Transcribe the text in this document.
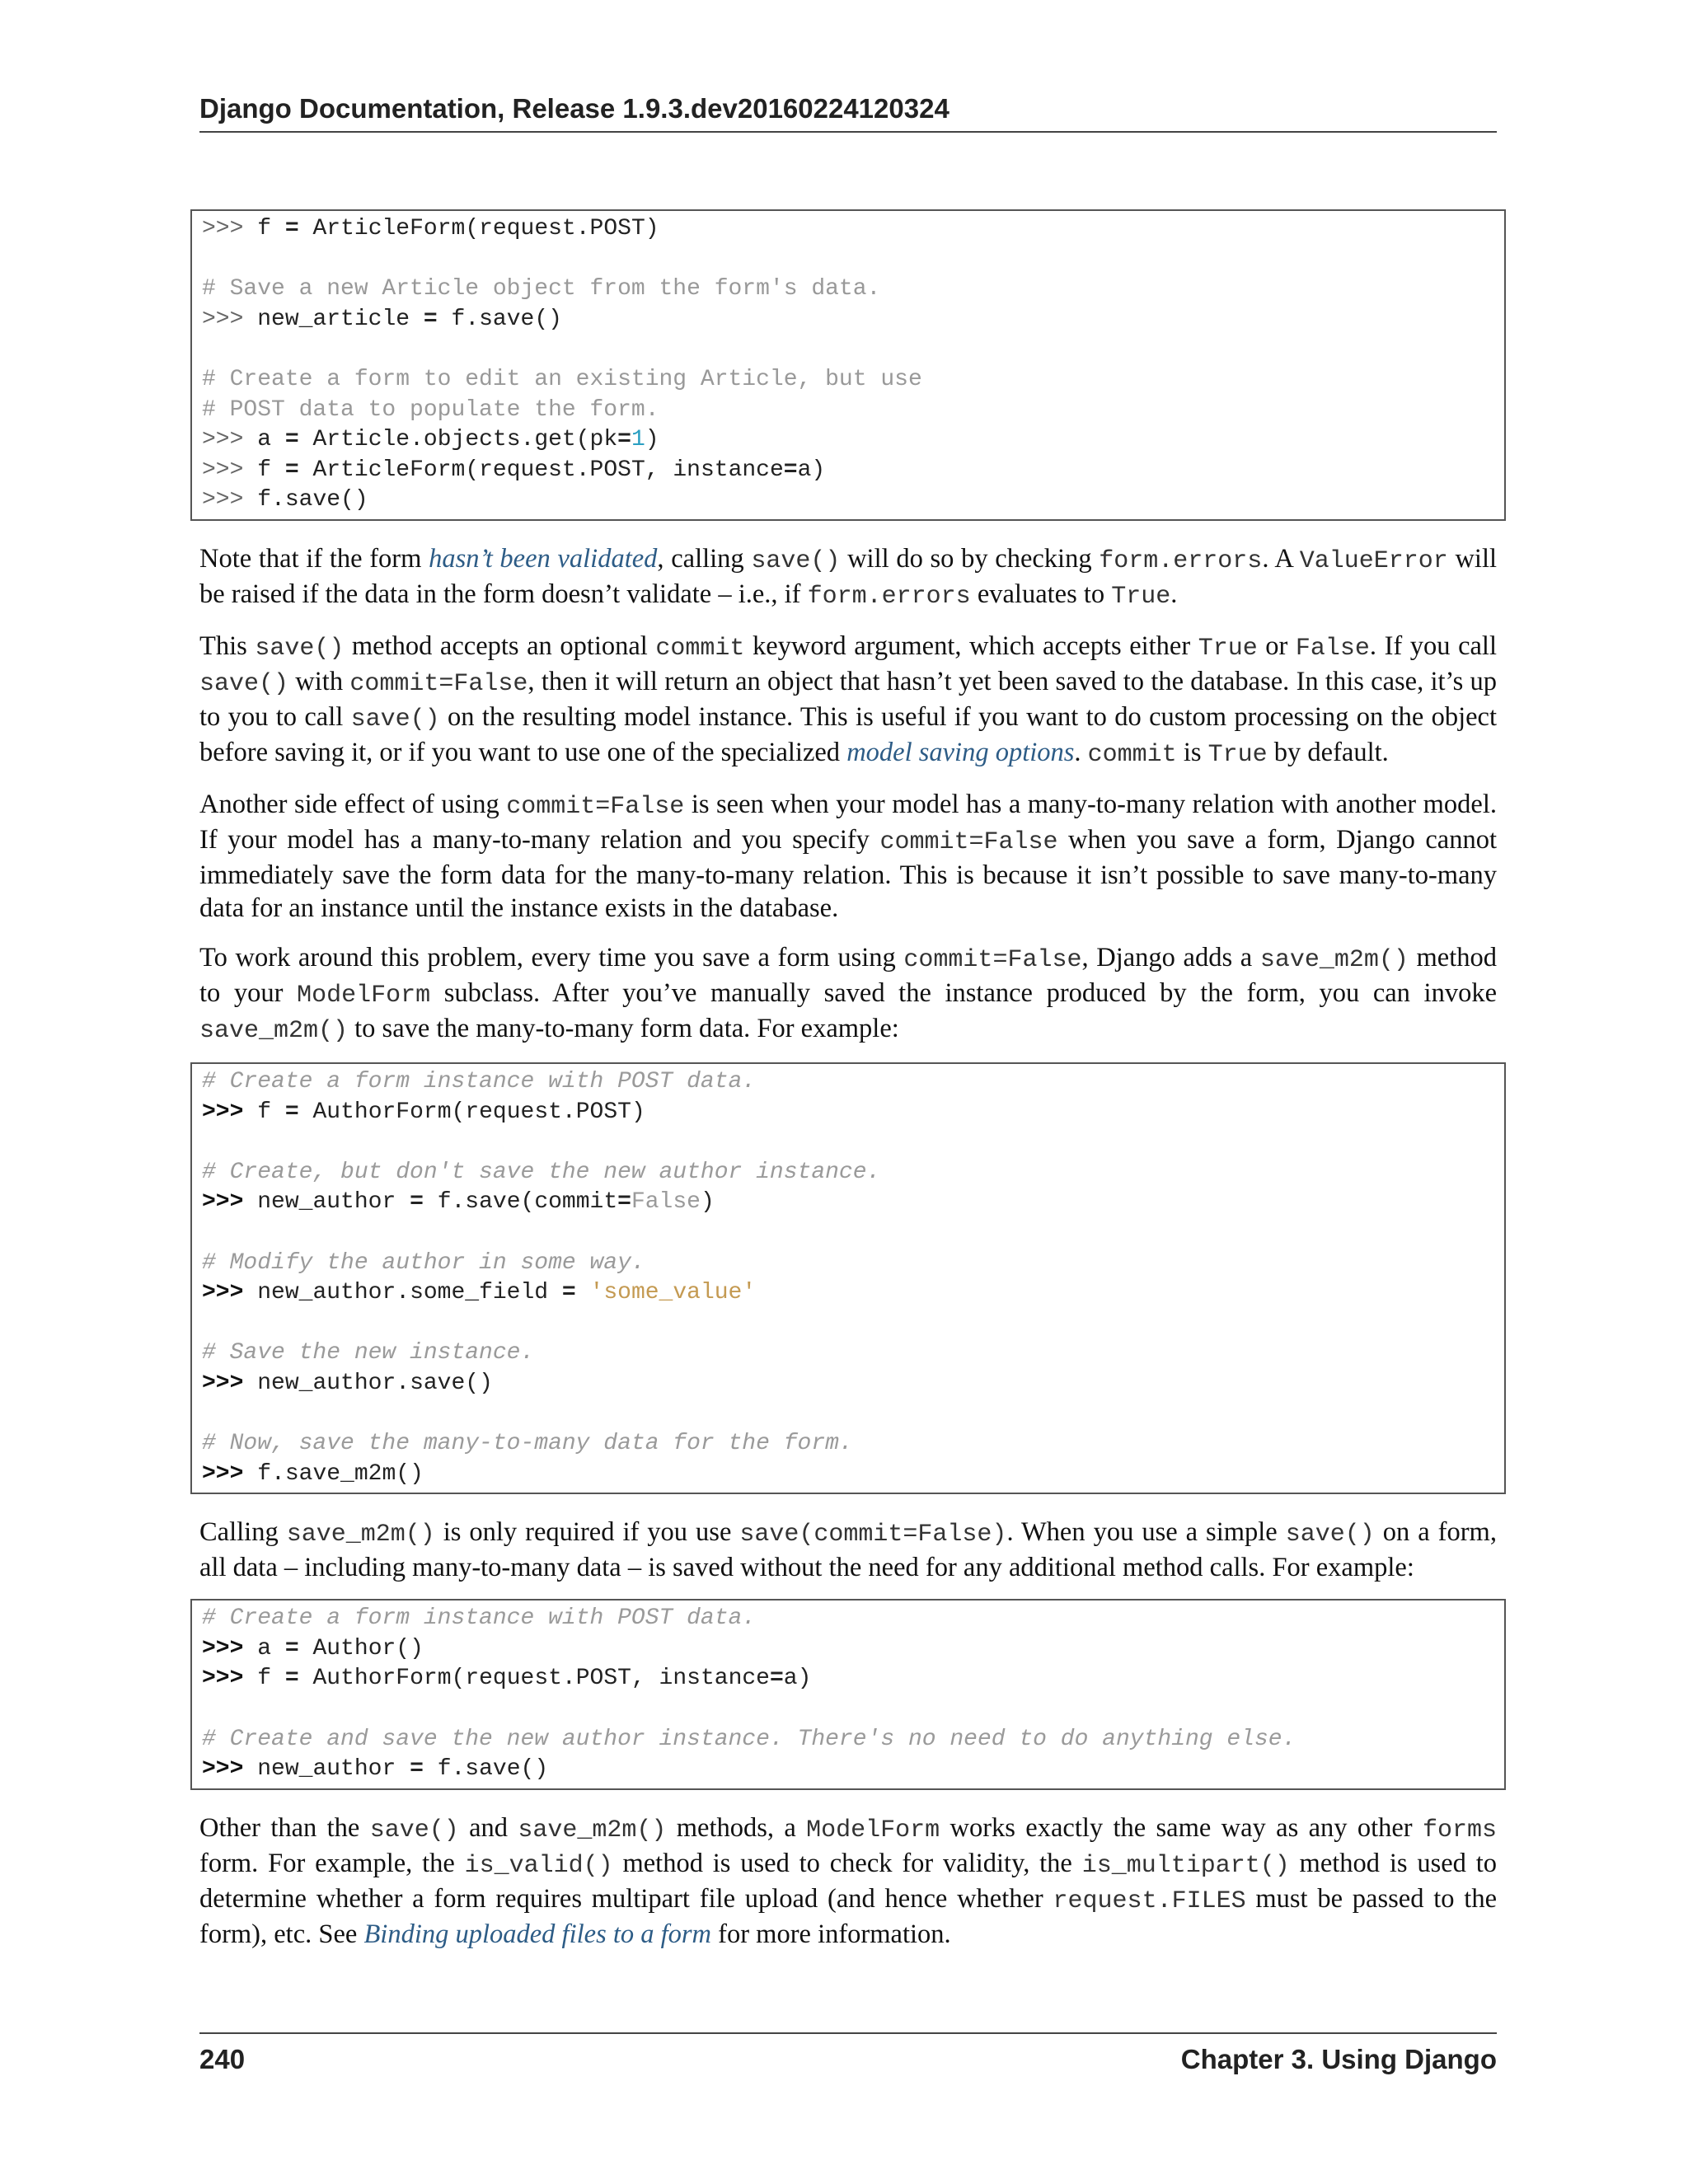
Django Documentation, Release 1.9.3.dev20160224120324
>>> f = ArticleForm(request.POST)
# Save a new Article object from the form's data.
>>> new_article = f.save()
# Create a form to edit an existing Article, but use
# POST data to populate the form.
>>> a = Article.objects.get(pk=1)
>>> f = ArticleForm(request.POST, instance=a)
>>> f.save()

Note that if the form hasn’t been validated, calling save() will do so by checking form.errors. A ValueError will be raised if the data in the form doesn’t validate – i.e., if form.errors evaluates to True.

This save() method accepts an optional commit keyword argument, which accepts either True or False. If you call save() with commit=False, then it will return an object that hasn’t yet been saved to the database. In this case, it’s up to you to call save() on the resulting model instance. This is useful if you want to do custom processing on the object before saving it, or if you want to use one of the specialized model saving options. commit is True by default.

Another side effect of using commit=False is seen when your model has a many-to-many relation with another model. If your model has a many-to-many relation and you specify commit=False when you save a form, Django cannot immediately save the form data for the many-to-many relation. This is because it isn’t possible to save many-to-many data for an instance until the instance exists in the database.

To work around this problem, every time you save a form using commit=False, Django adds a save_m2m() method to your ModelForm subclass. After you’ve manually saved the instance produced by the form, you can invoke save_m2m() to save the many-to-many form data. For example:

# Create a form instance with POST data.
>>> f = AuthorForm(request.POST)
# Create, but don't save the new author instance.
>>> new_author = f.save(commit=False)
# Modify the author in some way.
>>> new_author.some_field = 'some_value'
# Save the new instance.
>>> new_author.save()
# Now, save the many-to-many data for the form.
>>> f.save_m2m()

Calling save_m2m() is only required if you use save(commit=False). When you use a simple save() on a form, all data – including many-to-many data – is saved without the need for any additional method calls. For example:

# Create a form instance with POST data.
>>> a = Author()
>>> f = AuthorForm(request.POST, instance=a)
# Create and save the new author instance. There's no need to do anything else.
>>> new_author = f.save()

Other than the save() and save_m2m() methods, a ModelForm works exactly the same way as any other forms form. For example, the is_valid() method is used to check for validity, the is_multipart() method is used to determine whether a form requires multipart file upload (and hence whether request.FILES must be passed to the form), etc. See Binding uploaded files to a form for more information.

240	Chapter 3. Using Django
